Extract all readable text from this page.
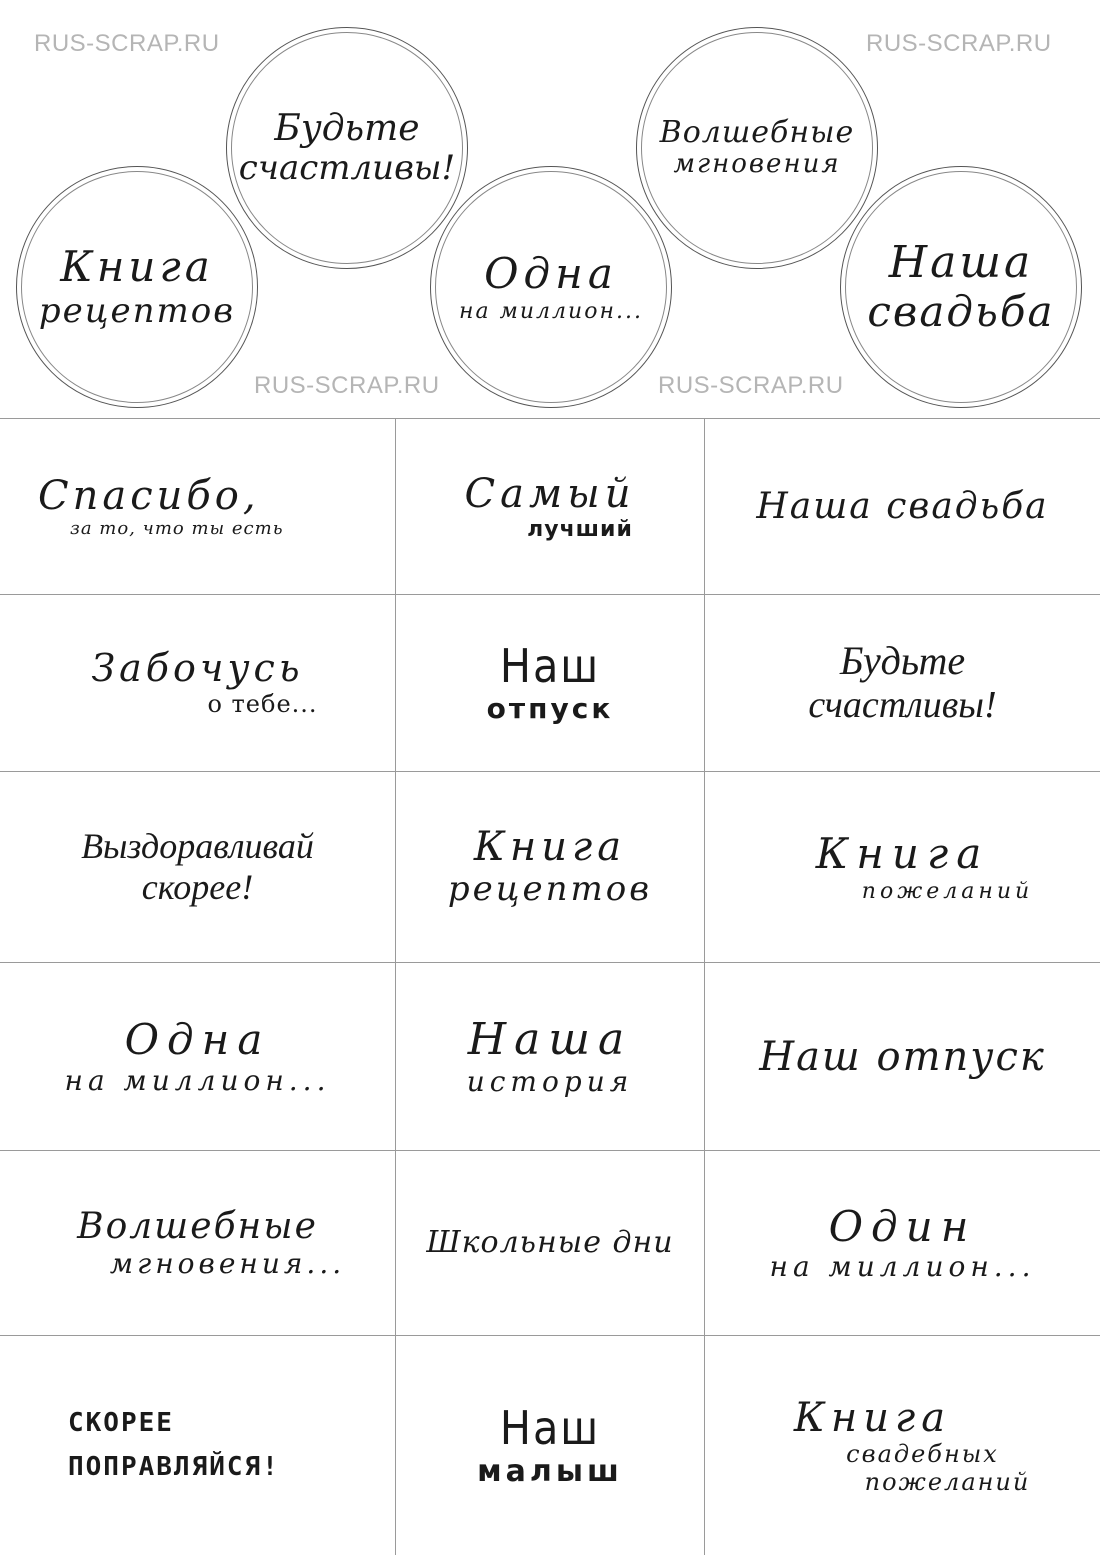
RUS-SCRAP.RU	RUS-SCRAP.RU
RUS-SCRAP.RU	RUS-SCRAP.RU
Будьте
счастливы!
Волшебные
мгновения
Книга
рецептов
Одна
на миллион...
Наша
свадьба
Спасибо,
за то, что ты есть
Самый
лучший
Наша свадьба
Забочусь
о тебе...
Наш
отпуск
Будьте
счастливы!
Выздоравливай
скорее!
Книга
рецептов
Книга
пожеланий
Одна
на миллион...
Наша
история
Наш отпуск
Волшебные
мгновения...
Школьные дни	Один
на миллион...
СКОРЕЕ
ПОПРАВЛЯЙСЯ!
Наш
малыш
Книга
свадебных
пожеланий
